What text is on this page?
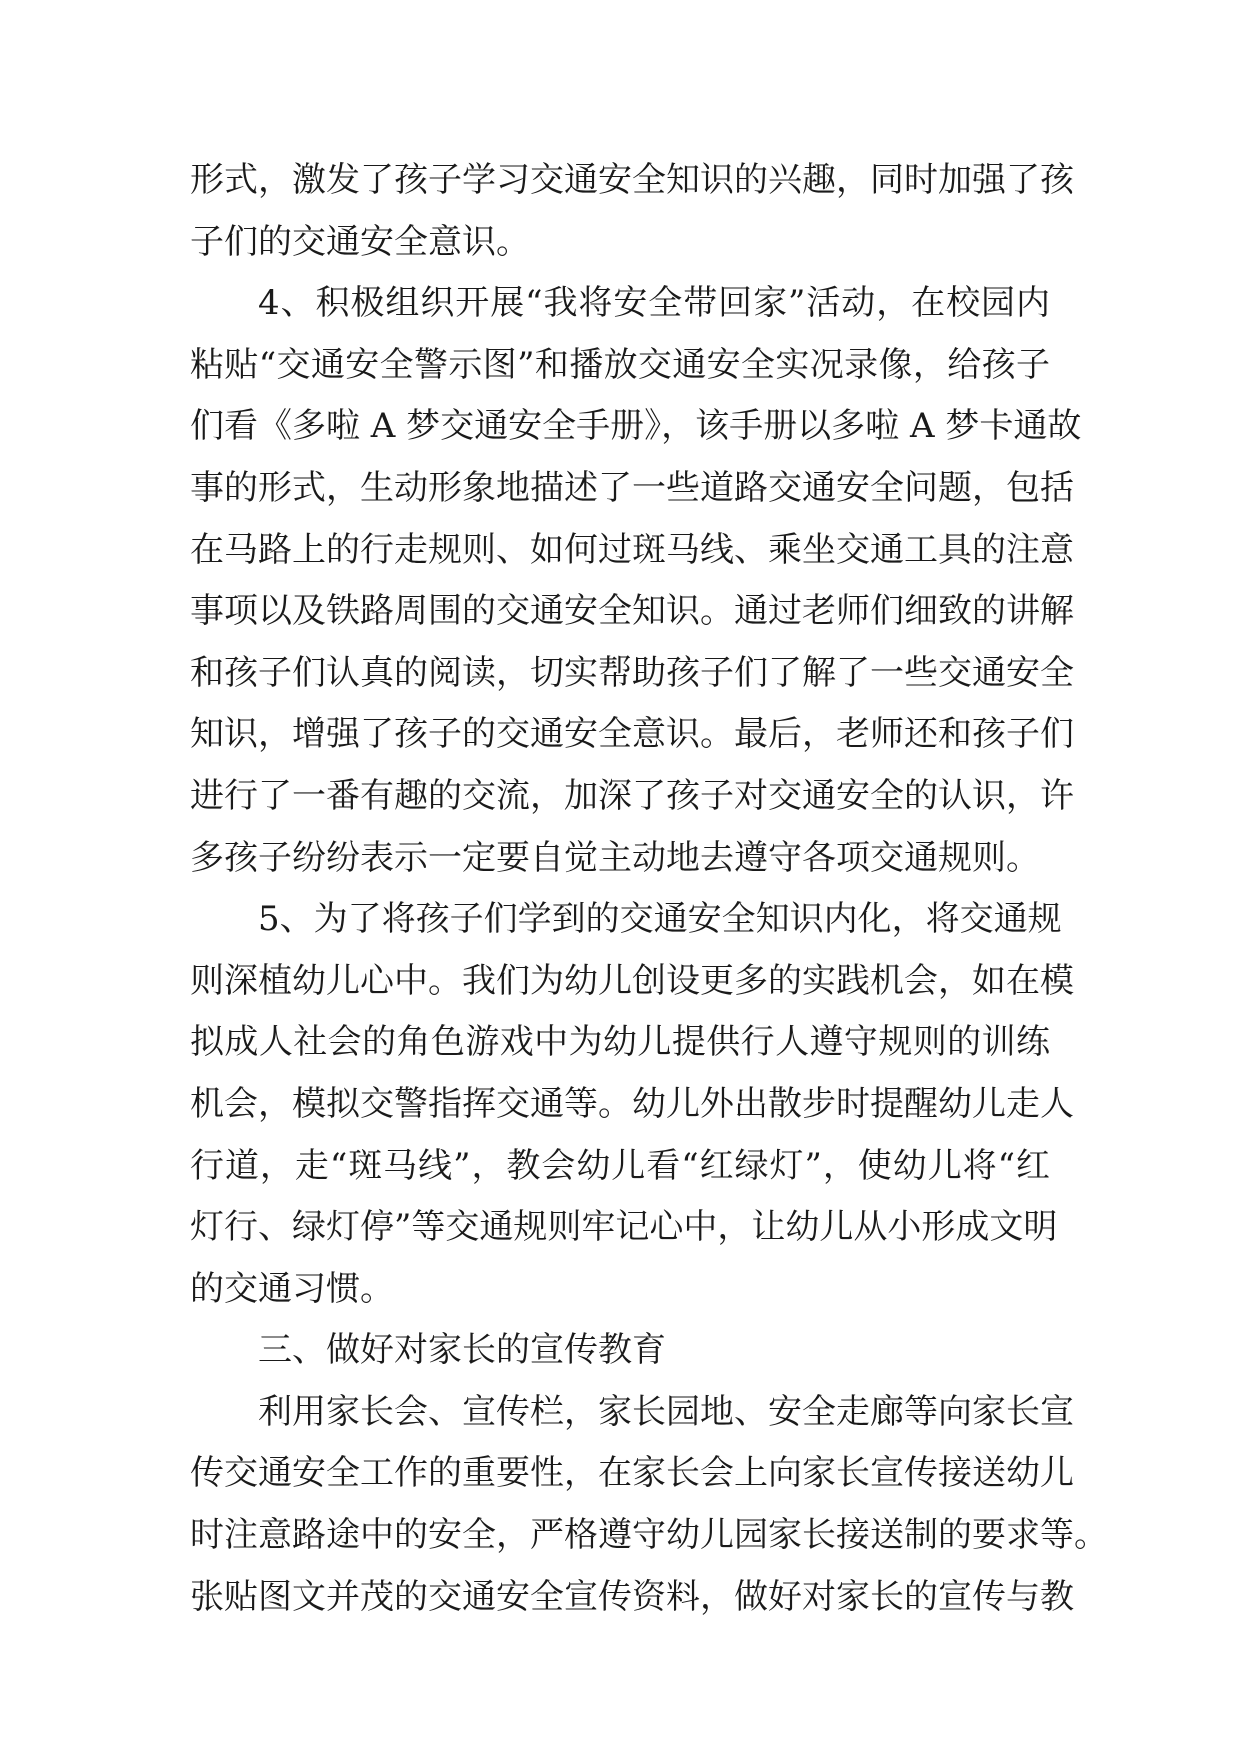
形式，激发了孩子学习交通安全知识的兴趣，同时加强了孩
子们的交通安全意识。
4、积极组织开展“我将安全带回家”活动，在校园内
粘贴“交通安全警示图”和播放交通安全实况录像，给孩子
们看《多啦 A 梦交通安全手册》，该手册以多啦 A 梦卡通故
事的形式，生动形象地描述了一些道路交通安全问题，包括
在马路上的行走规则、如何过斑马线、乘坐交通工具的注意
事项以及铁路周围的交通安全知识。通过老师们细致的讲解
和孩子们认真的阅读，切实帮助孩子们了解了一些交通安全
知识，增强了孩子的交通安全意识。最后，老师还和孩子们
进行了一番有趣的交流，加深了孩子对交通安全的认识，许
多孩子纷纷表示一定要自觉主动地去遵守各项交通规则。
5、为了将孩子们学到的交通安全知识内化，将交通规
则深植幼儿心中。我们为幼儿创设更多的实践机会，如在模
拟成人社会的角色游戏中为幼儿提供行人遵守规则的训练
机会，模拟交警指挥交通等。幼儿外出散步时提醒幼儿走人
行道，走“斑马线”，教会幼儿看“红绿灯”，使幼儿将“红
灯行、绿灯停”等交通规则牢记心中，让幼儿从小形成文明
的交通习惯。
三、做好对家长的宣传教育
利用家长会、宣传栏，家长园地、安全走廊等向家长宣
传交通安全工作的重要性，在家长会上向家长宣传接送幼儿
时注意路途中的安全，严格遵守幼儿园家长接送制的要求等。
张贴图文并茂的交通安全宣传资料，做好对家长的宣传与教
